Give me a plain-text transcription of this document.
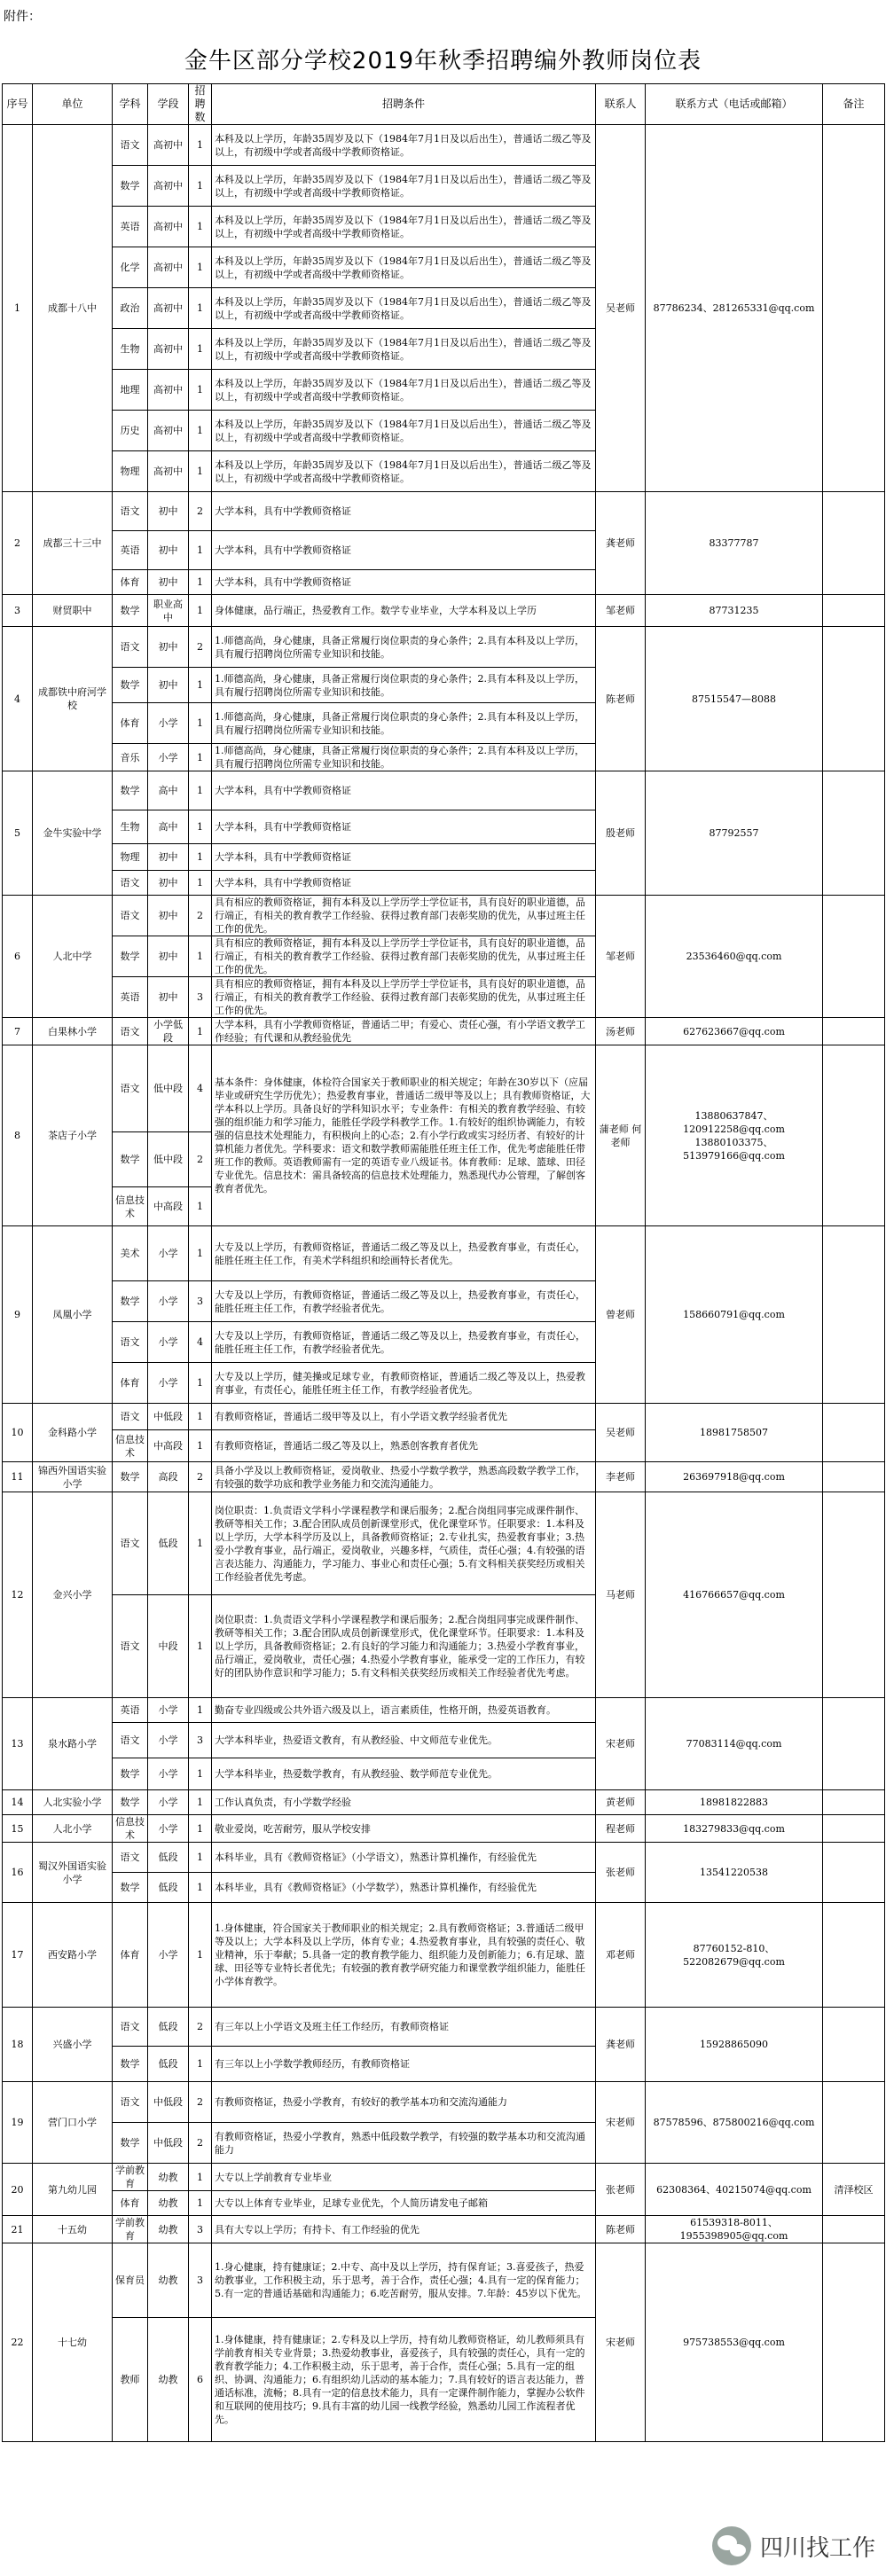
附件：
金牛区部分学校2019年秋季招聘编外教师岗位表
序号	单位	学科	学段	招聘数	招聘条件	联系人	联系方式（电话或邮箱）	备注
1	成都十八中	语文	高初中	1	本科及以上学历，年龄35周岁及以下（1984年7月1日及以后出生），普通话二级乙等及以上，有初级中学或者高级中学教师资格证。	吴老师	87786234、281265331@qq.com	
		数学	高初中	1	本科及以上学历，年龄35周岁及以下（1984年7月1日及以后出生），普通话二级乙等及以上，有初级中学或者高级中学教师资格证。			
		英语	高初中	1	本科及以上学历，年龄35周岁及以下（1984年7月1日及以后出生），普通话二级乙等及以上，有初级中学或者高级中学教师资格证。			
		化学	高初中	1	本科及以上学历，年龄35周岁及以下（1984年7月1日及以后出生），普通话二级乙等及以上，有初级中学或者高级中学教师资格证。			
		政治	高初中	1	本科及以上学历，年龄35周岁及以下（1984年7月1日及以后出生），普通话二级乙等及以上，有初级中学或者高级中学教师资格证。			
		生物	高初中	1	本科及以上学历，年龄35周岁及以下（1984年7月1日及以后出生），普通话二级乙等及以上，有初级中学或者高级中学教师资格证。			
		地理	高初中	1	本科及以上学历，年龄35周岁及以下（1984年7月1日及以后出生），普通话二级乙等及以上，有初级中学或者高级中学教师资格证。			
		历史	高初中	1	本科及以上学历，年龄35周岁及以下（1984年7月1日及以后出生），普通话二级乙等及以上，有初级中学或者高级中学教师资格证。			
		物理	高初中	1	本科及以上学历，年龄35周岁及以下（1984年7月1日及以后出生），普通话二级乙等及以上，有初级中学或者高级中学教师资格证。			
2	成都三十三中	语文	初中	2	大学本科，具有中学教师资格证	龚老师	83377787	
		英语	初中	1	大学本科，具有中学教师资格证			
		体育	初中	1	大学本科，具有中学教师资格证			
3	财贸职中	数学	职业高中	1	身体健康，品行端正，热爱教育工作。数学专业毕业，大学本科及以上学历	邹老师	87731235	
4	成都铁中府河学校	语文	初中	2	1.师德高尚，身心健康，具备正常履行岗位职责的身心条件；2.具有本科及以上学历，具有履行招聘岗位所需专业知识和技能。	陈老师	87515547—8088	
		数学	初中	1	1.师德高尚，身心健康，具备正常履行岗位职责的身心条件；2.具有本科及以上学历，具有履行招聘岗位所需专业知识和技能。			
		体育	小学	1	1.师德高尚，身心健康，具备正常履行岗位职责的身心条件；2.具有本科及以上学历，具有履行招聘岗位所需专业知识和技能。			
		音乐	小学	1	1.师德高尚，身心健康，具备正常履行岗位职责的身心条件；2.具有本科及以上学历，具有履行招聘岗位所需专业知识和技能。			
5	金牛实验中学	数学	高中	1	大学本科，具有中学教师资格证	殷老师	87792557	
		生物	高中	1	大学本科，具有中学教师资格证			
		物理	初中	1	大学本科，具有中学教师资格证			
		语文	初中	1	大学本科，具有中学教师资格证			
6	人北中学	语文	初中	2	具有相应的教师资格证，拥有本科及以上学历学士学位证书，具有良好的职业道德，品行端正，有相关的教育教学工作经验、获得过教育部门表彰奖励的优先，从事过班主任工作的优先。	邹老师	23536460@qq.com	
		数学	初中	1	具有相应的教师资格证，拥有本科及以上学历学士学位证书，具有良好的职业道德，品行端正，有相关的教育教学工作经验、获得过教育部门表彰奖励的优先，从事过班主任工作的优先。			
		英语	初中	3	具有相应的教师资格证，拥有本科及以上学历学士学位证书，具有良好的职业道德，品行端正，有相关的教育教学工作经验、获得过教育部门表彰奖励的优先，从事过班主任工作的优先。			
7	白果林小学	语文	小学低段	1	大学本科，具有小学教师资格证，普通话二甲；有爱心、责任心强，有小学语文教学工作经验；有代课和从教经验优先	汤老师	627623667@qq.com	
8	茶店子小学	语文	低中段	4	基本条件：身体健康，体检符合国家关于教师职业的相关规定；年龄在30岁以下（应届毕业或研究生学历优先）；热爱教育事业，普通话二级甲等及以上；具有教师资格证，大学本科以上学历。具备良好的学科知识水平；专业条件：有相关的教育教学经验、有较强的组织能力和学习能力，能胜任学段学科教学工作。1.有较好的组织协调能力，有较强的信息技术处理能力，有积极向上的心态；2.有小学行政或实习经历者、有较好的计算机能力者优先。学科要求：语文和数学教师需能胜任班主任工作，优先考虑能胜任带班工作的教师。英语教师需有一定的英语专业八级证书。体育教师：足球、篮球、田径专业优先。信息技术：需具备较高的信息技术处理能力，熟悉现代办公管理，了解创客教育者优先。	蒲老师 何老师	13880637847、120912258@qq.com 13880103375、513979166@qq.com	
		数学	低中段	2				
		信息技术	中高段	1				
9	凤凰小学	美术	小学	1	大专及以上学历，有教师资格证，普通话二级乙等及以上，热爱教育事业，有责任心，能胜任班主任工作，有美术学科组织和绘画特长者优先。	曾老师	158660791@qq.com	
		数学	小学	3	大专及以上学历，有教师资格证，普通话二级乙等及以上，热爱教育事业，有责任心，能胜任班主任工作，有教学经验者优先。			
		语文	小学	4	大专及以上学历，有教师资格证，普通话二级乙等及以上，热爱教育事业，有责任心，能胜任班主任工作，有教学经验者优先。			
		体育	小学	1	大专及以上学历，健美操或足球专业，有教师资格证，普通话二级乙等及以上，热爱教育事业，有责任心，能胜任班主任工作，有教学经验者优先。			
10	金科路小学	语文	中低段	1	有教师资格证，普通话二级甲等及以上，有小学语文教学经验者优先	吴老师	18981758507	
		信息技术	中高段	1	有教师资格证，普通话二级乙等及以上，熟悉创客教育者优先			
11	锦西外国语实验小学	数学	高段	2	具备小学及以上教师资格证，爱岗敬业、热爱小学数学教学，熟悉高段数学教学工作，有较强的数学功底和教学业务能力和交流沟通能力。	李老师	263697918@qq.com	
12	金兴小学	语文	低段	1	岗位职责：1.负责语文学科小学课程教学和课后服务；2.配合岗组同事完成课件制作、教研等相关工作；3.配合团队成员创新课堂形式，优化课堂环节。任职要求：1.本科及以上学历，大学本科学历及以上，具备教师资格证；2.专业扎实，热爱教育事业；3.热爱小学教育事业，品行端正，爱岗敬业，兴趣多样，气质佳，责任心强；4.有较强的语言表达能力、沟通能力，学习能力、事业心和责任心强；5.有文科相关获奖经历或相关工作经验者优先考虑。	马老师	416766657@qq.com	
		语文	中段	1	岗位职责：1.负责语文学科小学课程教学和课后服务；2.配合岗组同事完成课件制作、教研等相关工作；3.配合团队成员创新课堂形式，优化课堂环节。任职要求：1.本科及以上学历，具备教师资格证；2.有良好的学习能力和沟通能力；3.热爱小学教育事业，品行端正，爱岗敬业，责任心强；4.热爱小学教育事业，能承受一定的工作压力，有较好的团队协作意识和学习能力；5.有文科相关获奖经历或相关工作经验者优先考虑。			
13	泉水路小学	英语	小学	1	勤奋专业四级或公共外语六级及以上，语言素质佳，性格开朗，热爱英语教育。	宋老师	77083114@qq.com	
		语文	小学	3	大学本科毕业，热爱语文教育，有从教经验、中文师范专业优先。			
		数学	小学	1	大学本科毕业，热爱数学教育，有从教经验、数学师范专业优先。			
14	人北实验小学	数学	小学	1	工作认真负责，有小学数学经验	黄老师	18981822883	
15	人北小学	信息技术	小学	1	敬业爱岗，吃苦耐劳，服从学校安排	程老师	183279833@qq.com	
16	蜀汉外国语实验小学	语文	低段	1	本科毕业，具有《教师资格证》（小学语文），熟悉计算机操作，有经验优先	张老师	13541220538	
		数学	低段	1	本科毕业，具有《教师资格证》（小学数学），熟悉计算机操作，有经验优先			
17	西安路小学	体育	小学	1	1.身体健康，符合国家关于教师职业的相关规定；2.具有教师资格证；3.普通话二级甲等及以上；大学本科及以上学历，体育专业；4.热爱教育事业，具有较强的责任心、敬业精神，乐于奉献；5.具备一定的教育教学能力、组织能力及创新能力；6.有足球、篮球、田径等专业特长者优先；有较强的教育教学研究能力和课堂教学组织能力，能胜任小学体育教学。	邓老师	87760152-810、522082679@qq.com	
18	兴盛小学	语文	低段	2	有三年以上小学语文及班主任工作经历，有教师资格证	龚老师	15928865090	
		数学	低段	1	有三年以上小学数学教师经历，有教师资格证			
19	营门口小学	语文	中低段	2	有教师资格证，热爱小学教育，有较好的教学基本功和交流沟通能力	宋老师	87578596、875800216@qq.com	
		数学	中低段	2	有教师资格证，热爱小学教育，熟悉中低段数学教学，有较强的数学基本功和交流沟通能力			
20	第九幼儿园	学前教育	幼教	1	大专以上学前教育专业毕业	张老师	62308364、40215074@qq.com	清泽校区
		体育	幼教	1	大专以上体育专业毕业，足球专业优先，个人简历请发电子邮箱			
21	十五幼	学前教育	幼教	3	具有大专以上学历；有持卡、有工作经验的优先	陈老师	61539318-8011、1955398905@qq.com	
22	十七幼	保育员	幼教	3	1.身心健康，持有健康证；2.中专、高中及以上学历，持有保育证；3.喜爱孩子，热爱幼教事业，工作积极主动，乐于思考，善于合作，责任心强；4.具有一定的保育能力；5.有一定的普通话基础和沟通能力；6.吃苦耐劳，服从安排。7.年龄：45岁以下优先。	宋老师	975738553@qq.com	
		教师	幼教	6	1.身体健康，持有健康证；2.专科及以上学历，持有幼儿教师资格证，幼儿教师须具有学前教育相关专业背景；3.热爱幼教事业，喜爱孩子，具有较强的责任心，具有一定的教育教学能力；4.工作积极主动，乐于思考，善于合作，责任心强；5.具有一定的组织、协调、沟通能力；6.有组织幼儿活动的基本能力；7.具有较好的语言表达能力，普通话标准，流畅；8.具有一定的信息技术能力，具有一定课件制作能力，掌握办公软件和互联网的使用技巧；9.具有丰富的幼儿园一线教学经验，熟悉幼儿园工作流程者优先。			
四川找工作
